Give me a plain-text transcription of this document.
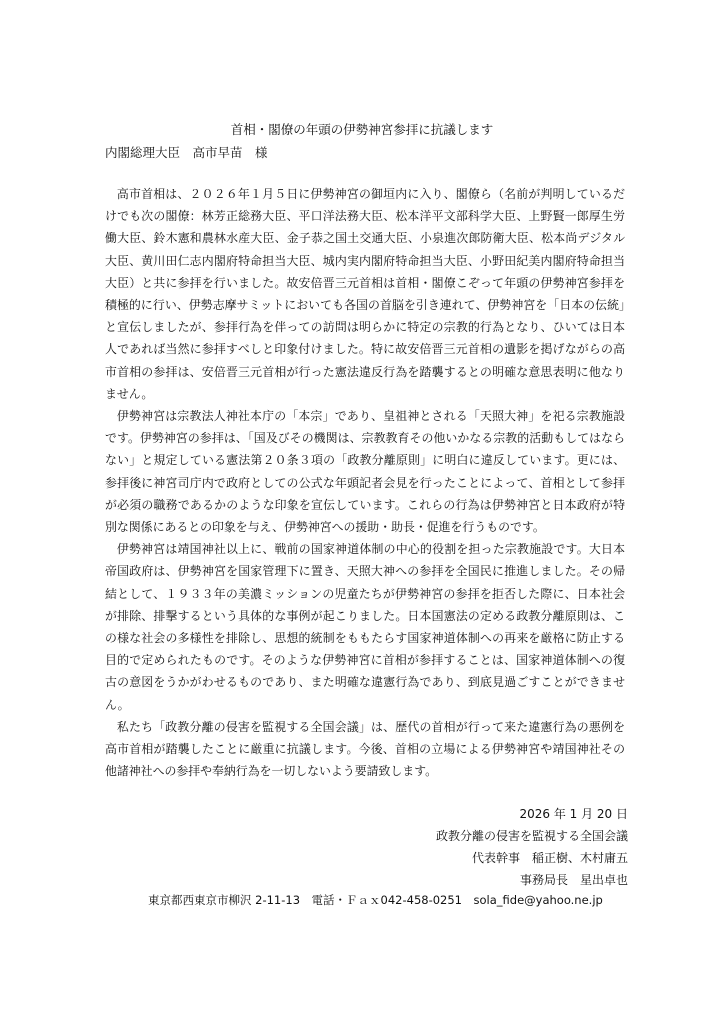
首相・閣僚の年頭の伊勢神宮参拝に抗議します
内閣総理大臣　高市早苗　様

高市首相は、２０２６年１月５日に伊勢神宮の御垣内に入り、閣僚ら（名前が判明しているだけでも次の閣僚：林芳正総務大臣、平口洋法務大臣、松本洋平文部科学大臣、上野賢一郎厚生労働大臣、鈴木憲和農林水産大臣、金子恭之国土交通大臣、小泉進次郎防衛大臣、松本尚デジタル大臣、黄川田仁志内閣府特命担当大臣、城内実内閣府特命担当大臣、小野田紀美内閣府特命担当大臣）と共に参拝を行いました。故安倍晋三元首相は首相・閣僚こぞって年頭の伊勢神宮参拝を積極的に行い、伊勢志摩サミットにおいても各国の首脳を引き連れて、伊勢神宮を「日本の伝統」と宣伝しましたが、参拝行為を伴っての訪問は明らかに特定の宗教的行為となり、ひいては日本人であれば当然に参拝すべしと印象付けました。特に故安倍晋三元首相の遺影を掲げながらの高市首相の参拝は、安倍晋三元首相が行った憲法違反行為を踏襲するとの明確な意思表明に他なりません。

伊勢神宮は宗教法人神社本庁の「本宗」であり、皇祖神とされる「天照大神」を祀る宗教施設です。伊勢神宮の参拝は、「国及びその機関は、宗教教育その他いかなる宗教的活動もしてはならない」と規定している憲法第２０条３項の「政教分離原則」に明白に違反しています。更には、参拝後に神宮司庁内で政府としての公式な年頭記者会見を行ったことによって、首相として参拝が必須の職務であるかのような印象を宣伝しています。これらの行為は伊勢神宮と日本政府が特別な関係にあるとの印象を与え、伊勢神宮への援助・助長・促進を行うものです。

伊勢神宮は靖国神社以上に、戦前の国家神道体制の中心的役割を担った宗教施設です。大日本帝国政府は、伊勢神宮を国家管理下に置き、天照大神への参拝を全国民に推進しました。その帰結として、１９３３年の美濃ミッションの児童たちが伊勢神宮の参拝を拒否した際に、日本社会が排除、排撃するという具体的な事例が起こりました。日本国憲法の定める政教分離原則は、この様な社会の多様性を排除し、思想的統制をももたらす国家神道体制への再来を厳格に防止する目的で定められたものです。そのような伊勢神宮に首相が参拝することは、国家神道体制への復古の意図をうかがわせるものであり、また明確な違憲行為であり、到底見過ごすことができません。

私たち「政教分離の侵害を監視する全国会議」は、歴代の首相が行って来た違憲行為の悪例を高市首相が踏襲したことに厳重に抗議します。今後、首相の立場による伊勢神宮や靖国神社その他諸神社への参拝や奉納行為を一切しないよう要請致します。

2026 年 1 月 20 日
政教分離の侵害を監視する全国会議
代表幹事　稲正樹、木村庸五
事務局長　星出卓也
東京都西東京市柳沢 2-11-13　電話・Ｆａｘ042-458-0251　sola_fide@yahoo.ne.jp
